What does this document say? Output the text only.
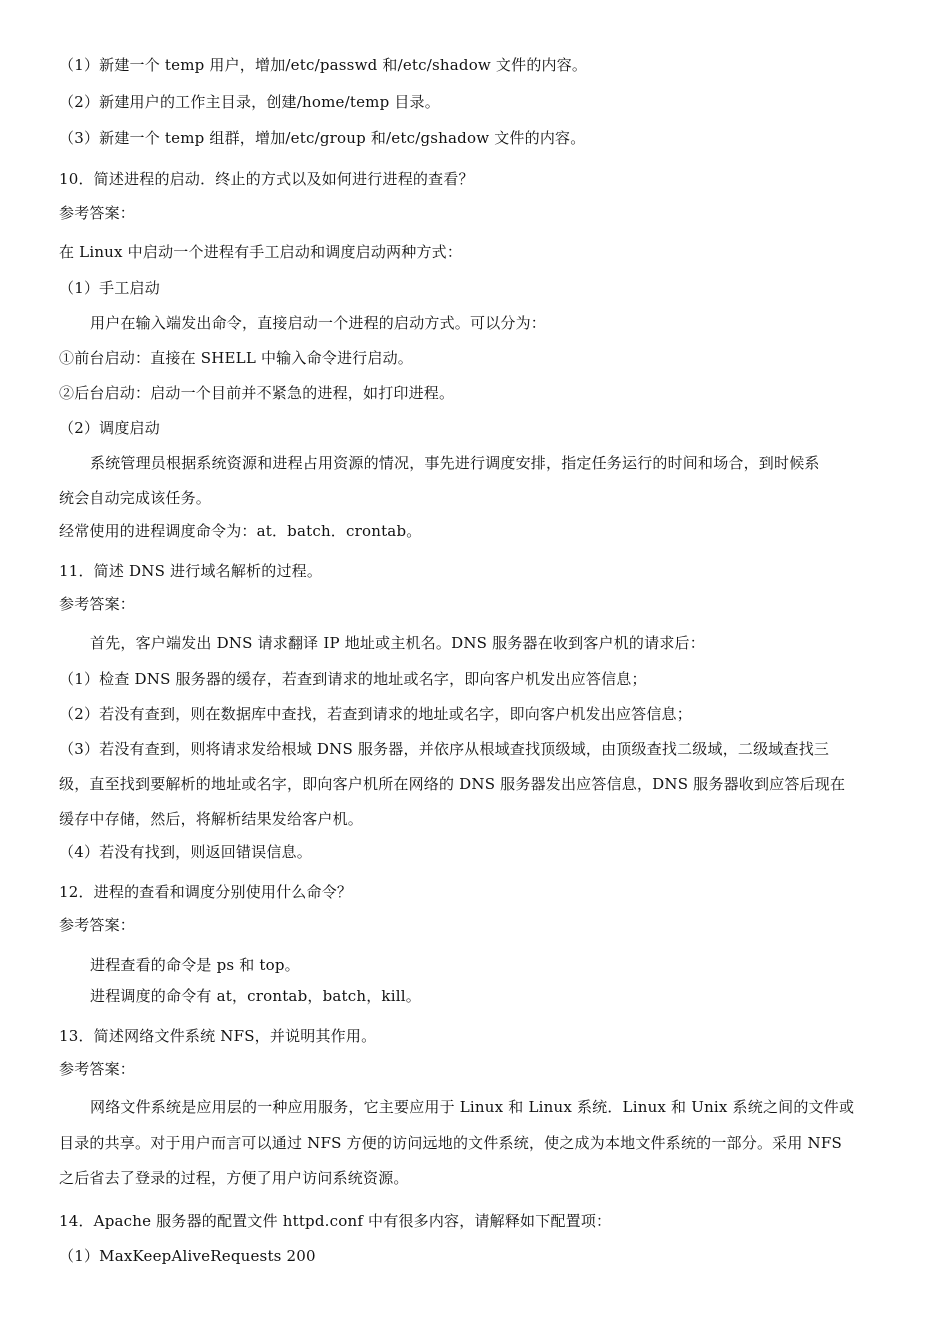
（1）新建一个 temp 用户，增加/etc/passwd 和/etc/shadow 文件的内容。
（2）新建用户的工作主目录，创建/home/temp 目录。
（3）新建一个 temp 组群，增加/etc/group 和/etc/gshadow 文件的内容。
10．简述进程的启动．终止的方式以及如何进行进程的查看？
参考答案：
在 Linux 中启动一个进程有手工启动和调度启动两种方式：
（1）手工启动
用户在输入端发出命令，直接启动一个进程的启动方式。可以分为：
①前台启动：直接在 SHELL 中输入命令进行启动。
②后台启动：启动一个目前并不紧急的进程，如打印进程。
（2）调度启动
系统管理员根据系统资源和进程占用资源的情况，事先进行调度安排，指定任务运行的时间和场合，到时候系
统会自动完成该任务。
经常使用的进程调度命令为：at．batch．crontab。
11．简述 DNS 进行域名解析的过程。
参考答案：
首先，客户端发出 DNS 请求翻译 IP 地址或主机名。DNS 服务器在收到客户机的请求后：
（1）检查 DNS 服务器的缓存，若查到请求的地址或名字，即向客户机发出应答信息；
（2）若没有查到，则在数据库中查找，若查到请求的地址或名字，即向客户机发出应答信息；
（3）若没有查到，则将请求发给根域 DNS 服务器，并依序从根域查找顶级域，由顶级查找二级域，二级域查找三
级，直至找到要解析的地址或名字，即向客户机所在网络的 DNS 服务器发出应答信息，DNS 服务器收到应答后现在
缓存中存储，然后，将解析结果发给客户机。
（4）若没有找到，则返回错误信息。
12．进程的查看和调度分别使用什么命令？
参考答案：
进程查看的命令是 ps 和 top。
进程调度的命令有 at，crontab，batch，kill。
13．简述网络文件系统 NFS，并说明其作用。
参考答案：
网络文件系统是应用层的一种应用服务，它主要应用于 Linux 和 Linux 系统．Linux 和 Unix 系统之间的文件或
目录的共享。对于用户而言可以通过 NFS 方便的访问远地的文件系统，使之成为本地文件系统的一部分。采用 NFS
之后省去了登录的过程，方便了用户访问系统资源。
14．Apache 服务器的配置文件 httpd.conf 中有很多内容，请解释如下配置项：
（1）MaxKeepAliveRequests 200
